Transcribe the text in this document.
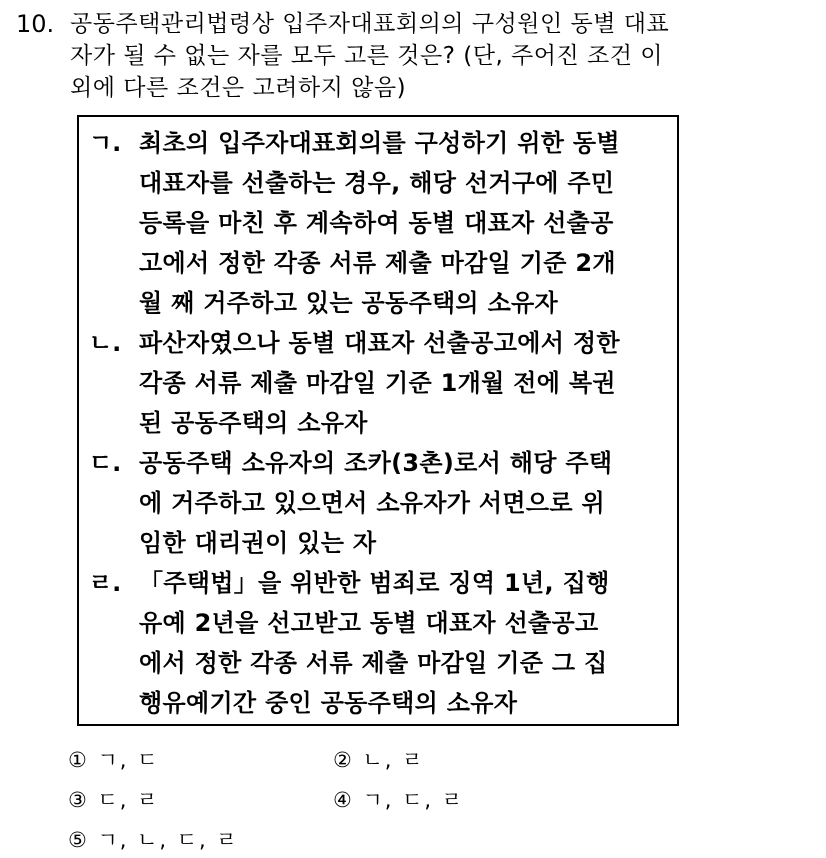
10. 공동주택관리법령상 입주자대표회의의 구성원인 동별 대표
자가 될 수 없는 자를 모두 고른 것은? (단, 주어진 조건 이
외에 다른 조건은 고려하지 않음)
ㄱ. 최초의 입주자대표회의를 구성하기 위한 동별
대표자를 선출하는 경우, 해당 선거구에 주민
등록을 마친 후 계속하여 동별 대표자 선출공
고에서 정한 각종 서류 제출 마감일 기준 2개
월 째 거주하고 있는 공동주택의 소유자
ㄴ. 파산자였으나 동별 대표자 선출공고에서 정한
각종 서류 제출 마감일 기준 1개월 전에 복권
된 공동주택의 소유자
ㄷ. 공동주택 소유자의 조카(3촌)로서 해당 주택
에 거주하고 있으면서 소유자가 서면으로 위
임한 대리권이 있는 자
ㄹ. 「주택법」을 위반한 범죄로 징역 1년, 집행
유예 2년을 선고받고 동별 대표자 선출공고
에서 정한 각종 서류 제출 마감일 기준 그 집
행유예기간 중인 공동주택의 소유자
① ㄱ, ㄷ	② ㄴ, ㄹ
③ ㄷ, ㄹ	④ ㄱ, ㄷ, ㄹ
⑤ ㄱ, ㄴ, ㄷ, ㄹ
